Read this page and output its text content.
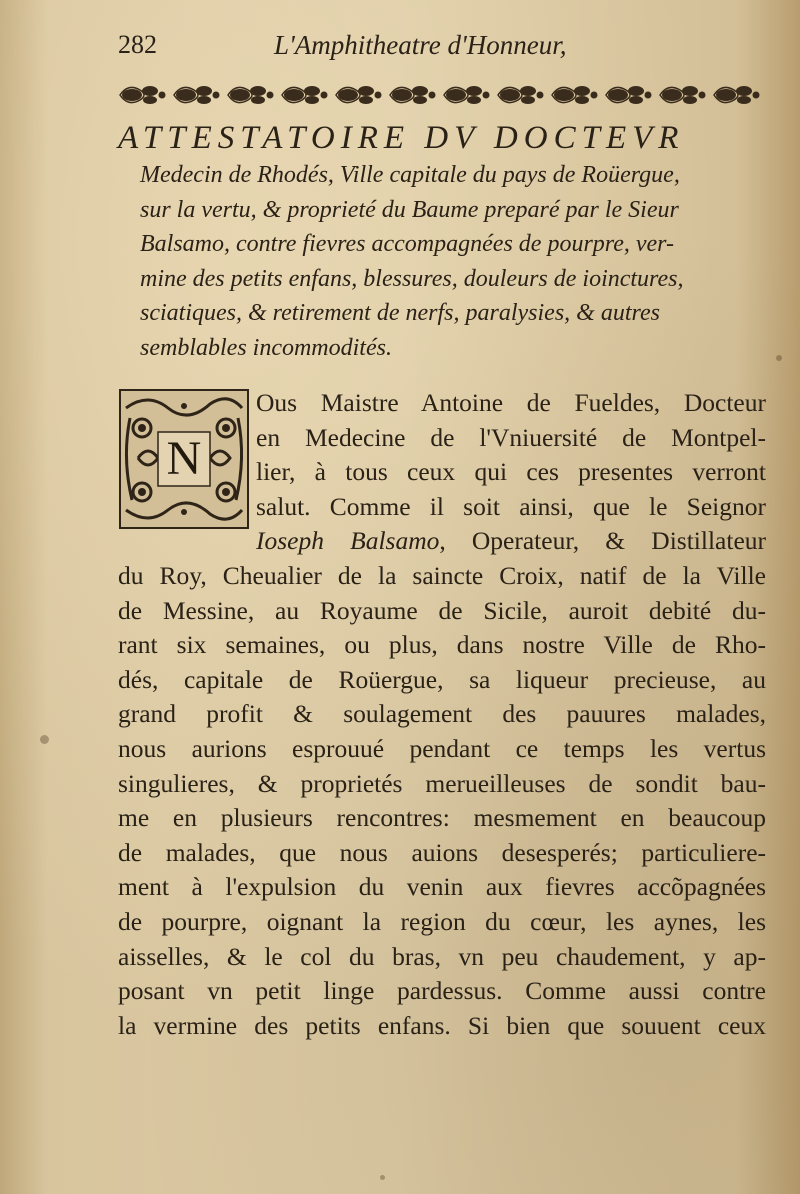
282	L'Amphitheatre d'Honneur,
ATTESTATOIRE DV DOCTEVR
Medecin de Rhodés, Ville capitale du pays de Roüergue,
sur la vertu, & proprieté du Baume preparé par le Sieur
Balsamo, contre fievres accompagnées de pourpre, ver-
mine des petits enfans, blessures, douleurs de ioinctures,
sciatiques, & retirement de nerfs, paralysies, & autres
semblables incommodités.
N
Ous Maistre Antoine de Fueldes, Docteur
en Medecine de l'Vniuersité de Montpel-
lier, à tous ceux qui ces presentes verront
salut. Comme il soit ainsi, que le Seignor
Ioseph Balsamo, Operateur, & Distillateur
du Roy, Cheualier de la saincte Croix, natif de la Ville
de Messine, au Royaume de Sicile, auroit debité du-
rant six semaines, ou plus, dans nostre Ville de Rho-
dés, capitale de Roüergue, sa liqueur precieuse, au
grand profit & soulagement des pauures malades,
nous aurions esprouué pendant ce temps les vertus
singulieres, & proprietés merueilleuses de sondit bau-
me en plusieurs rencontres: mesmement en beaucoup
de malades, que nous auions desesperés; particuliere-
ment à l'expulsion du venin aux fievres accõpagnées
de pourpre, oignant la region du cœur, les aynes, les
aisselles, & le col du bras, vn peu chaudement, y ap-
posant vn petit linge pardessus. Comme aussi contre
la vermine des petits enfans. Si bien que souuent ceux
